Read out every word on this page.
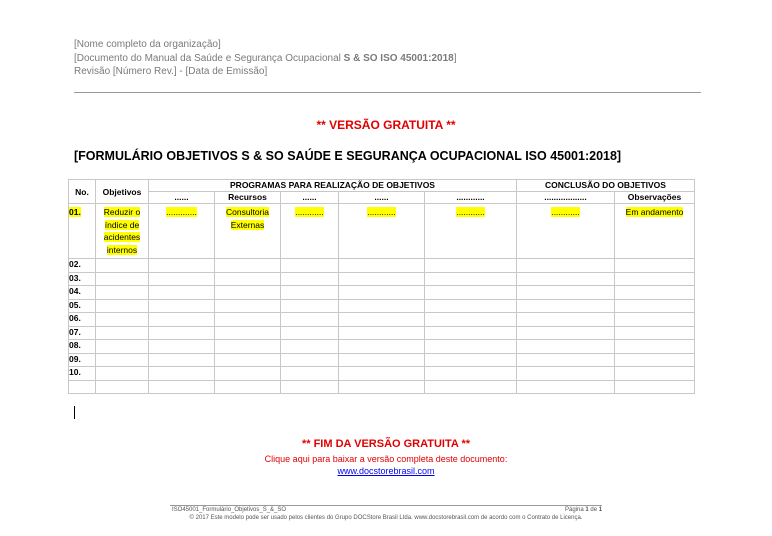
[Nome completo da organização]
[Documento do Manual da Saúde e Segurança Ocupacional S & SO ISO 45001:2018]
Revisão [Número Rev.] - [Data de Emissão]
** VERSÃO GRATUITA **
[FORMULÁRIO OBJETIVOS S & SO SAÚDE E SEGURANÇA OCUPACIONAL ISO 45001:2018]
No.	Objetivos	PROGRAMAS PARA REALIZAÇÃO DE OBJETIVOS					CONCLUSÃO DO OBJETIVOS	
		......	Recursos	......	......	............	..................	Observações
01.	Reduzir o índice de acidentes internos	.............	Consultoria Externas	............	............	............	............	Em andamento
02.								
03.								
04.								
05.								
06.								
07.								
08.								
09.								
10.								

** FIM DA VERSÃO GRATUITA **
Clique aqui para baixar a versão completa deste documento:
www.docstorebrasil.com
ISO45001_Formulário_Objetivos_S_&_SO	Página 1 de 1
© 2017 Este modelo pode ser usado pelos clientes do Grupo DOCStore Brasil Ltda. www.docstorebrasil.com de acordo com o Contrato de Licença.
